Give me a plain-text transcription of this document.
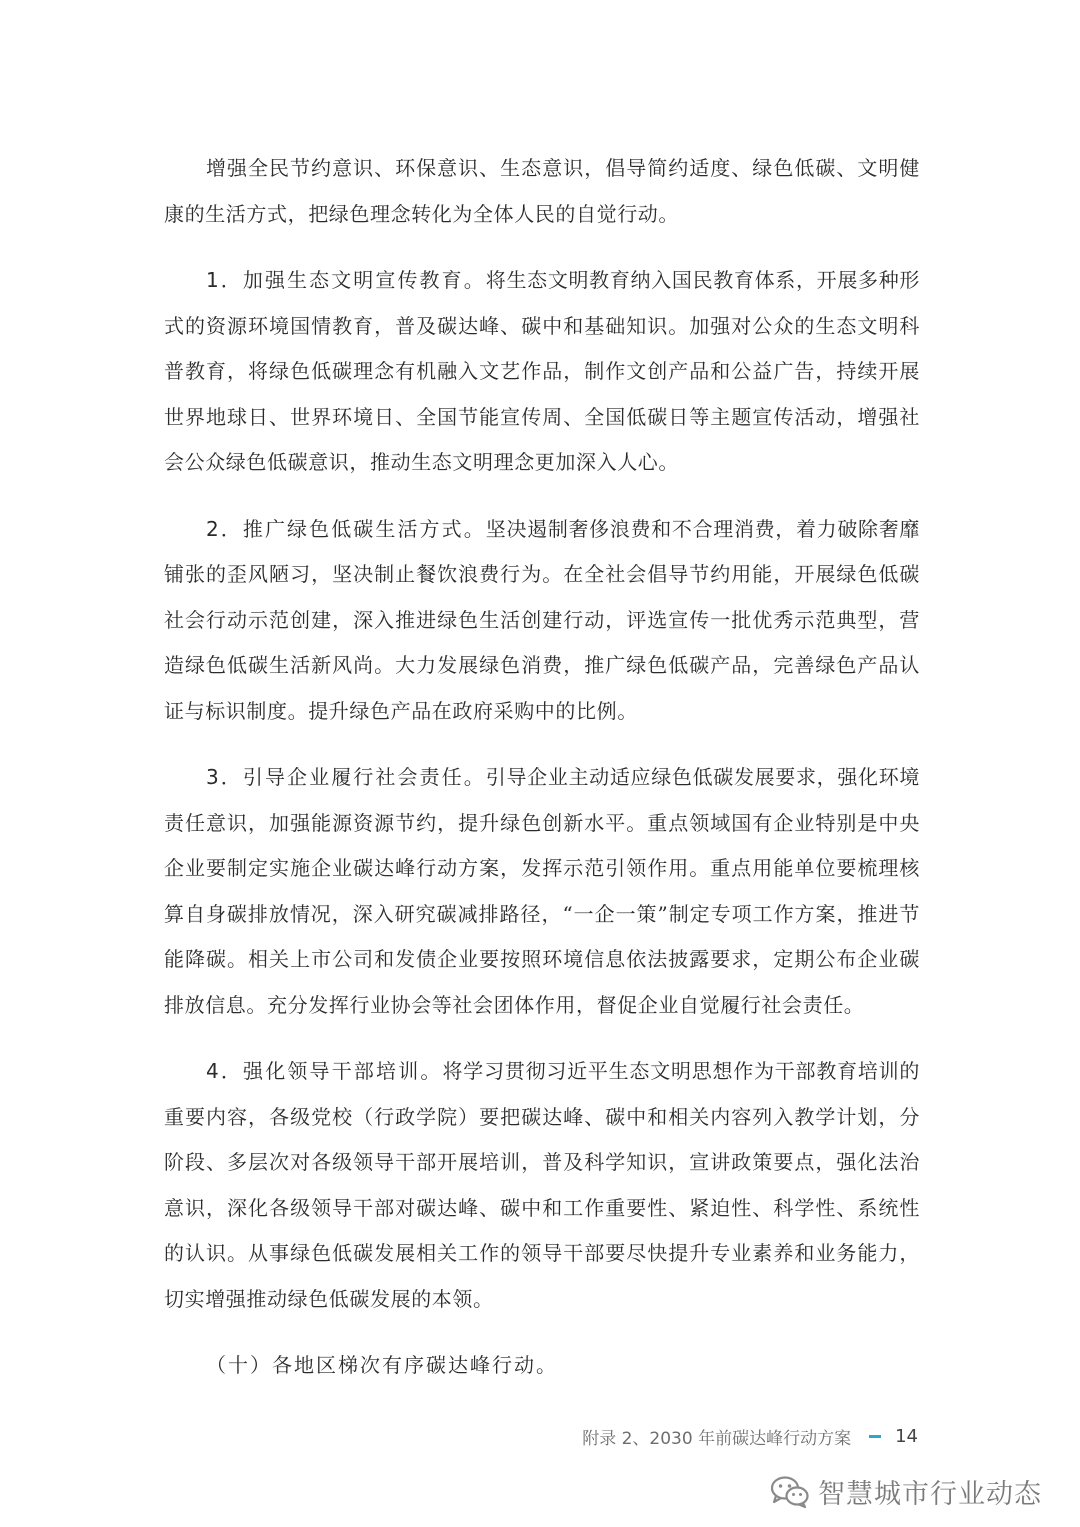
增强全民节约意识、环保意识、生态意识，倡导简约适度、绿色低碳、文明健康的生活方式，把绿色理念转化为全体人民的自觉行动。

1．加强生态文明宣传教育。将生态文明教育纳入国民教育体系，开展多种形式的资源环境国情教育，普及碳达峰、碳中和基础知识。加强对公众的生态文明科普教育，将绿色低碳理念有机融入文艺作品，制作文创产品和公益广告，持续开展世界地球日、世界环境日、全国节能宣传周、全国低碳日等主题宣传活动，增强社会公众绿色低碳意识，推动生态文明理念更加深入人心。

2．推广绿色低碳生活方式。坚决遏制奢侈浪费和不合理消费，着力破除奢靡铺张的歪风陋习，坚决制止餐饮浪费行为。在全社会倡导节约用能，开展绿色低碳社会行动示范创建，深入推进绿色生活创建行动，评选宣传一批优秀示范典型，营造绿色低碳生活新风尚。大力发展绿色消费，推广绿色低碳产品，完善绿色产品认证与标识制度。提升绿色产品在政府采购中的比例。

3．引导企业履行社会责任。引导企业主动适应绿色低碳发展要求，强化环境责任意识，加强能源资源节约，提升绿色创新水平。重点领域国有企业特别是中央企业要制定实施企业碳达峰行动方案，发挥示范引领作用。重点用能单位要梳理核算自身碳排放情况，深入研究碳减排路径，“一企一策”制定专项工作方案，推进节能降碳。相关上市公司和发债企业要按照环境信息依法披露要求，定期公布企业碳排放信息。充分发挥行业协会等社会团体作用，督促企业自觉履行社会责任。

4．强化领导干部培训。将学习贯彻习近平生态文明思想作为干部教育培训的重要内容，各级党校（行政学院）要把碳达峰、碳中和相关内容列入教学计划，分阶段、多层次对各级领导干部开展培训，普及科学知识，宣讲政策要点，强化法治意识，深化各级领导干部对碳达峰、碳中和工作重要性、紧迫性、科学性、系统性的认识。从事绿色低碳发展相关工作的领导干部要尽快提升专业素养和业务能力，切实增强推动绿色低碳发展的本领。

（十）各地区梯次有序碳达峰行动。

附录 2、2030 年前碳达峰行动方案 14
智慧城市行业动态
